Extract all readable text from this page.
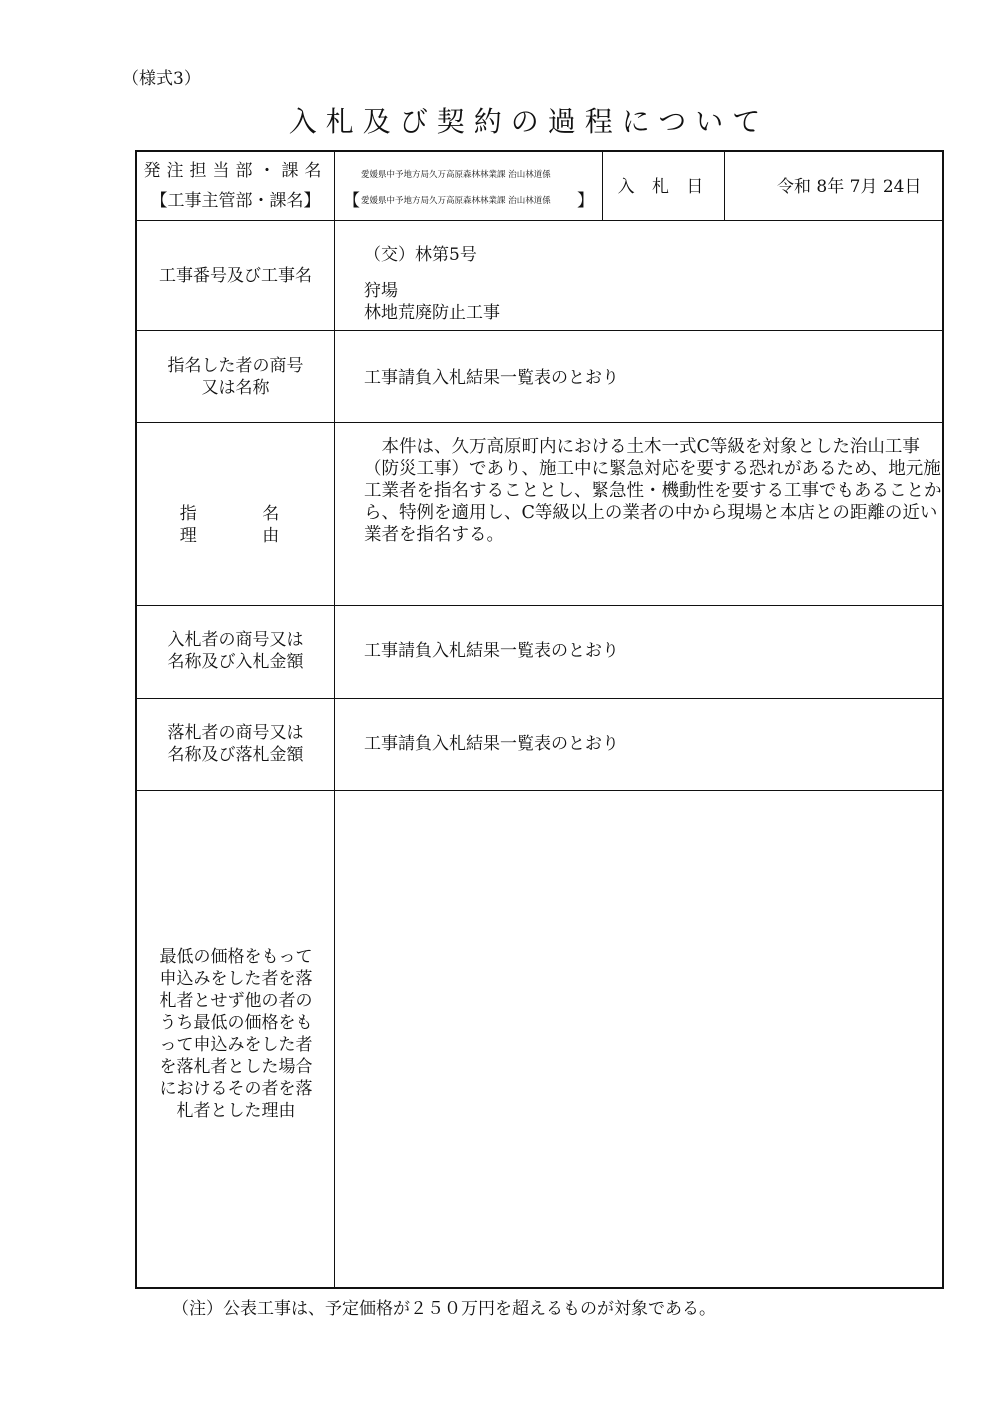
（様式3）
入札及び契約の過程について
発注担当部・課名
【工事主管部・課名】
愛媛県中予地方局久万高原森林林業課 治山林道係
【 愛媛県中予地方局久万高原森林林業課 治山林道係 】
入 札 日	令和 8年 7月 24日
工事番号及び工事名
（交）林第5号
狩場
林地荒廃防止工事
指名した者の商号
又は名称	工事請負入札結果一覧表のとおり
指 名 理 由
本件は、久万高原町内における土木一式C等級を対象とした治山工事（防災工事）であり、施工中に緊急対応を要する恐れがあるため、地元施工業者を指名することとし、緊急性・機動性を要する工事でもあることから、特例を適用し、C等級以上の業者の中から現場と本店との距離の近い業者を指名する。
入札者の商号又は
名称及び入札金額
工事請負入札結果一覧表のとおり
落札者の商号又は
名称及び落札金額
工事請負入札結果一覧表のとおり
最低の価格をもって申込みをした者を落札者とせず他の者のうち最低の価格をもって申込みをした者を落札者とした場合におけるその者を落札者とした理由
（注）公表工事は、予定価格が２５０万円を超えるものが対象である。
